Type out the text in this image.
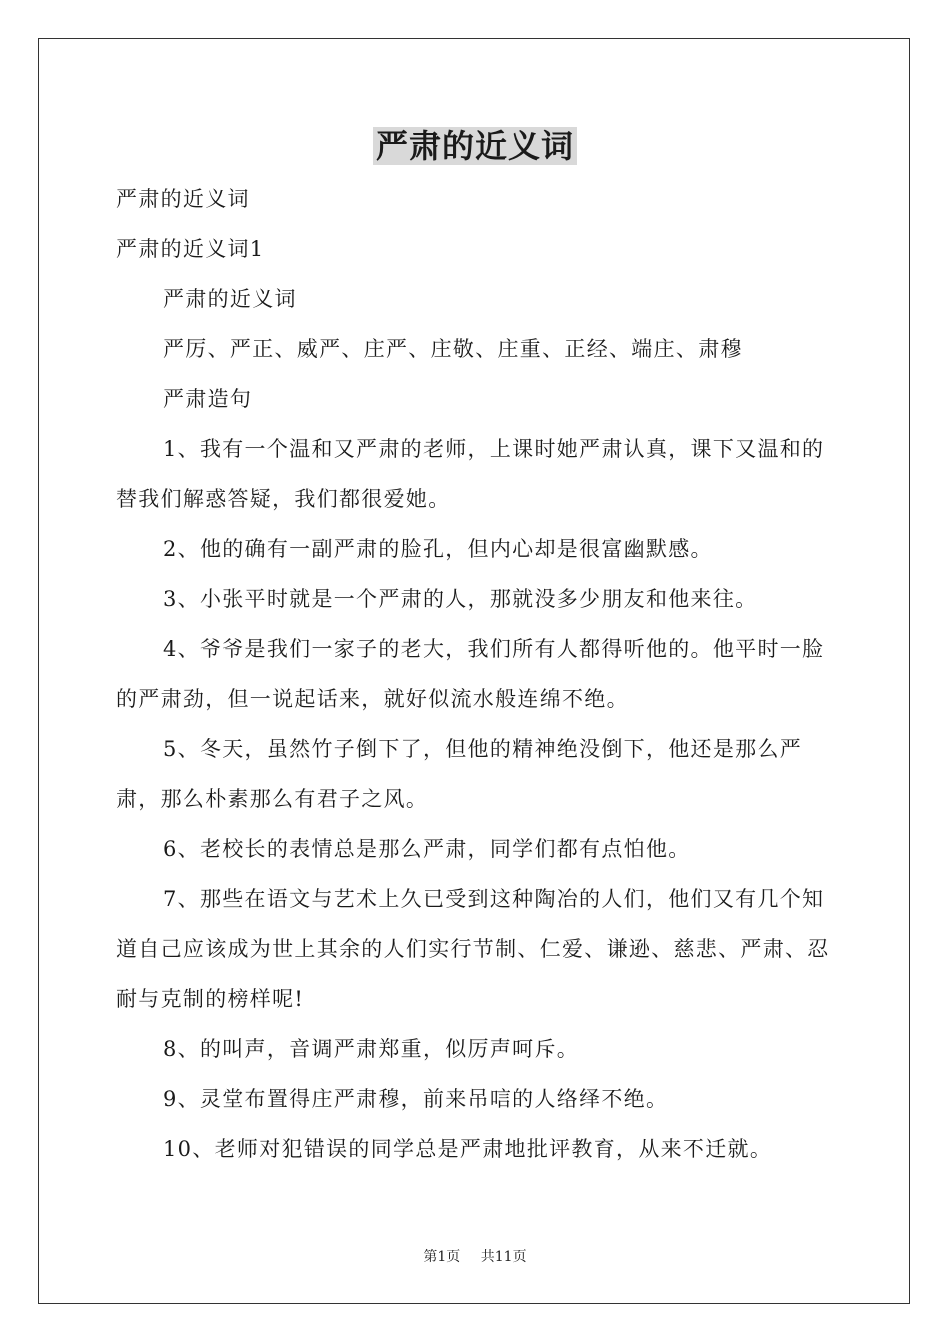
严肃的近义词

严肃的近义词

严肃的近义词1

严肃的近义词

严厉、严正、威严、庄严、庄敬、庄重、正经、端庄、肃穆

严肃造句

1、我有一个温和又严肃的老师，上课时她严肃认真，课下又温和的替我们解惑答疑，我们都很爱她。

2、他的确有一副严肃的脸孔，但内心却是很富幽默感。

3、小张平时就是一个严肃的人，那就没多少朋友和他来往。

4、爷爷是我们一家子的老大，我们所有人都得听他的。他平时一脸的严肃劲，但一说起话来，就好似流水般连绵不绝。

5、冬天，虽然竹子倒下了，但他的精神绝没倒下，他还是那么严肃，那么朴素那么有君子之风。

6、老校长的表情总是那么严肃，同学们都有点怕他。

7、那些在语文与艺术上久已受到这种陶冶的人们，他们又有几个知道自己应该成为世上其余的人们实行节制、仁爱、谦逊、慈悲、严肃、忍耐与克制的榜样呢!

8、的叫声，音调严肃郑重，似厉声呵斥。

9、灵堂布置得庄严肃穆，前来吊唁的人络绎不绝。

10、老师对犯错误的同学总是严肃地批评教育，从来不迁就。

第1页 共11页
